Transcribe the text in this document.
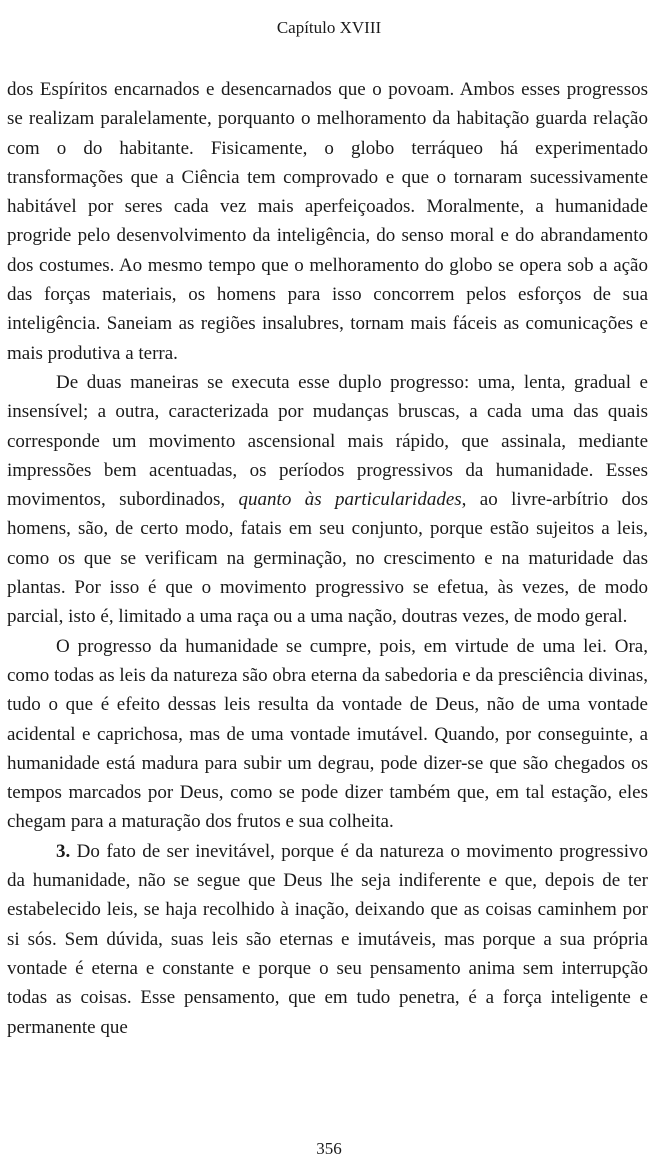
Capítulo XVIII

dos Espíritos encarnados e desencarnados que o povoam. Ambos esses progressos se realizam paralelamente, porquanto o melhoramento da habitação guarda relação com o do habitante. Fisicamente, o globo terráqueo há experimentado transformações que a Ciência tem comprovado e que o tornaram sucessivamente habitável por seres cada vez mais aperfeiçoados. Moralmente, a humanidade progride pelo desenvolvimento da inteligência, do senso moral e do abrandamento dos costumes. Ao mesmo tempo que o melhoramento do globo se opera sob a ação das forças materiais, os homens para isso concorrem pelos esforços de sua inteligência. Saneiam as regiões insalubres, tornam mais fáceis as comunicações e mais produtiva a terra.

De duas maneiras se executa esse duplo progresso: uma, lenta, gradual e insensível; a outra, caracterizada por mudanças bruscas, a cada uma das quais corresponde um movimento ascensional mais rápido, que assinala, mediante impressões bem acentuadas, os períodos progressivos da humanidade. Esses movimentos, subordinados, quanto às particularidades, ao livre-arbítrio dos homens, são, de certo modo, fatais em seu conjunto, porque estão sujeitos a leis, como os que se verificam na germinação, no crescimento e na maturidade das plantas. Por isso é que o movimento progressivo se efetua, às vezes, de modo parcial, isto é, limitado a uma raça ou a uma nação, doutras vezes, de modo geral.

O progresso da humanidade se cumpre, pois, em virtude de uma lei. Ora, como todas as leis da natureza são obra eterna da sabedoria e da presciência divinas, tudo o que é efeito dessas leis resulta da vontade de Deus, não de uma vontade acidental e caprichosa, mas de uma vontade imutável. Quando, por conseguinte, a humanidade está madura para subir um degrau, pode dizer-se que são chegados os tempos marcados por Deus, como se pode dizer também que, em tal estação, eles chegam para a maturação dos frutos e sua colheita.

3. Do fato de ser inevitável, porque é da natureza o movimento progressivo da humanidade, não se segue que Deus lhe seja indiferente e que, depois de ter estabelecido leis, se haja recolhido à inação, deixando que as coisas caminhem por si sós. Sem dúvida, suas leis são eternas e imutáveis, mas porque a sua própria vontade é eterna e constante e porque o seu pensamento anima sem interrupção todas as coisas. Esse pensamento, que em tudo penetra, é a força inteligente e permanente que

356
